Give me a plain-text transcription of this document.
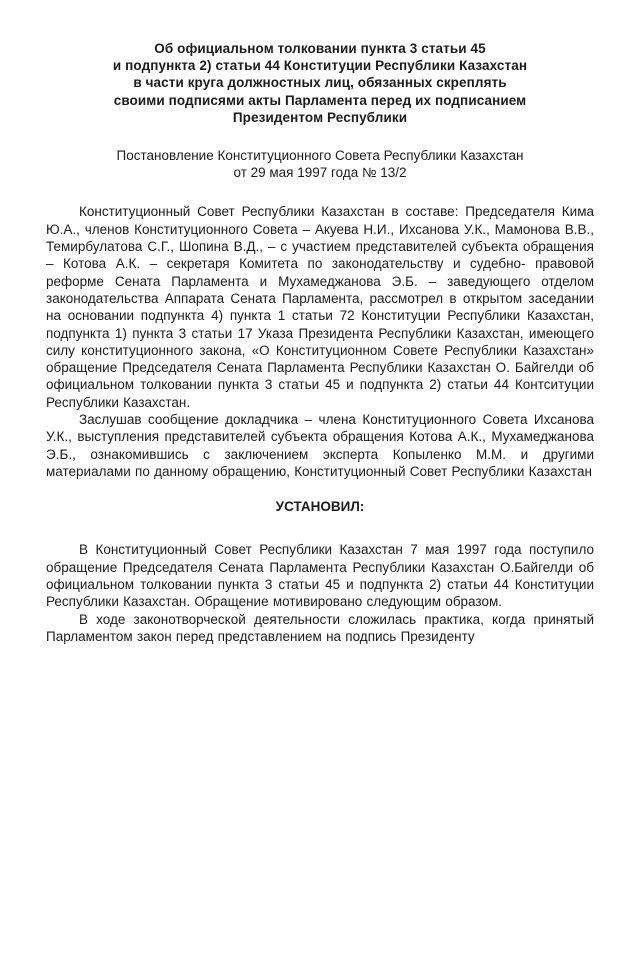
Об официальном толковании пункта 3 статьи 45
и подпункта 2) статьи 44 Конституции Республики Казахстан
в части круга должностных лиц, обязанных скреплять
своими подписями акты Парламента перед их подписанием
Президентом Республики
Постановление Конституционного Совета Республики Казахстан
от 29 мая 1997 года № 13/2

Конституционный Совет Республики Казахстан в составе: Председателя Кима Ю.А., членов Конституционного Совета – Акуева Н.И., Ихсанова У.К., Мамонова В.В., Темирбулатова С.Г., Шопина В.Д., – с участием представителей субъекта обращения – Котова А.К. – секретаря Комитета по законодательству и судебно- правовой реформе Сената Парламента и Мухамеджанова Э.Б. – заведующего отделом законодательства Аппарата Сената Парламента, рассмотрел в открытом заседании на основании подпункта 4) пункта 1 статьи 72 Конституции Республики Казахстан, подпункта 1) пункта 3 статьи 17 Указа Президента Республики Казахстан, имеющего силу конституционного закона, «О Конституционном Совете Республики Казахстан» обращение Председателя Сената Парламента Республики Казахстан О. Байгелди об официальном толковании пункта 3 статьи 45 и подпункта 2) статьи 44 Контситуции Республики Казахстан.

Заслушав сообщение докладчика – члена Конституционного Совета Ихсанова У.К., выступления представителей субъекта обращения Котова А.К., Мухамеджанова Э.Б., ознакомившись с заключением эксперта Копыленко М.М. и другими материалами по данному обращению, Конституционный Совет Республики Казахстан

УСТАНОВИЛ:

В Конституционный Совет Республики Казахстан 7 мая 1997 года поступило обращение Председателя Сената Парламента Республики Казахстан О.Байгелди об официальном толковании пункта 3 статьи 45 и подпункта 2) статьи 44 Конституции Республики Казахстан. Обращение мотивировано следующим образом.

В ходе законотворческой деятельности сложилась практика, когда принятый Парламентом закон перед представлением на подпись Президенту
